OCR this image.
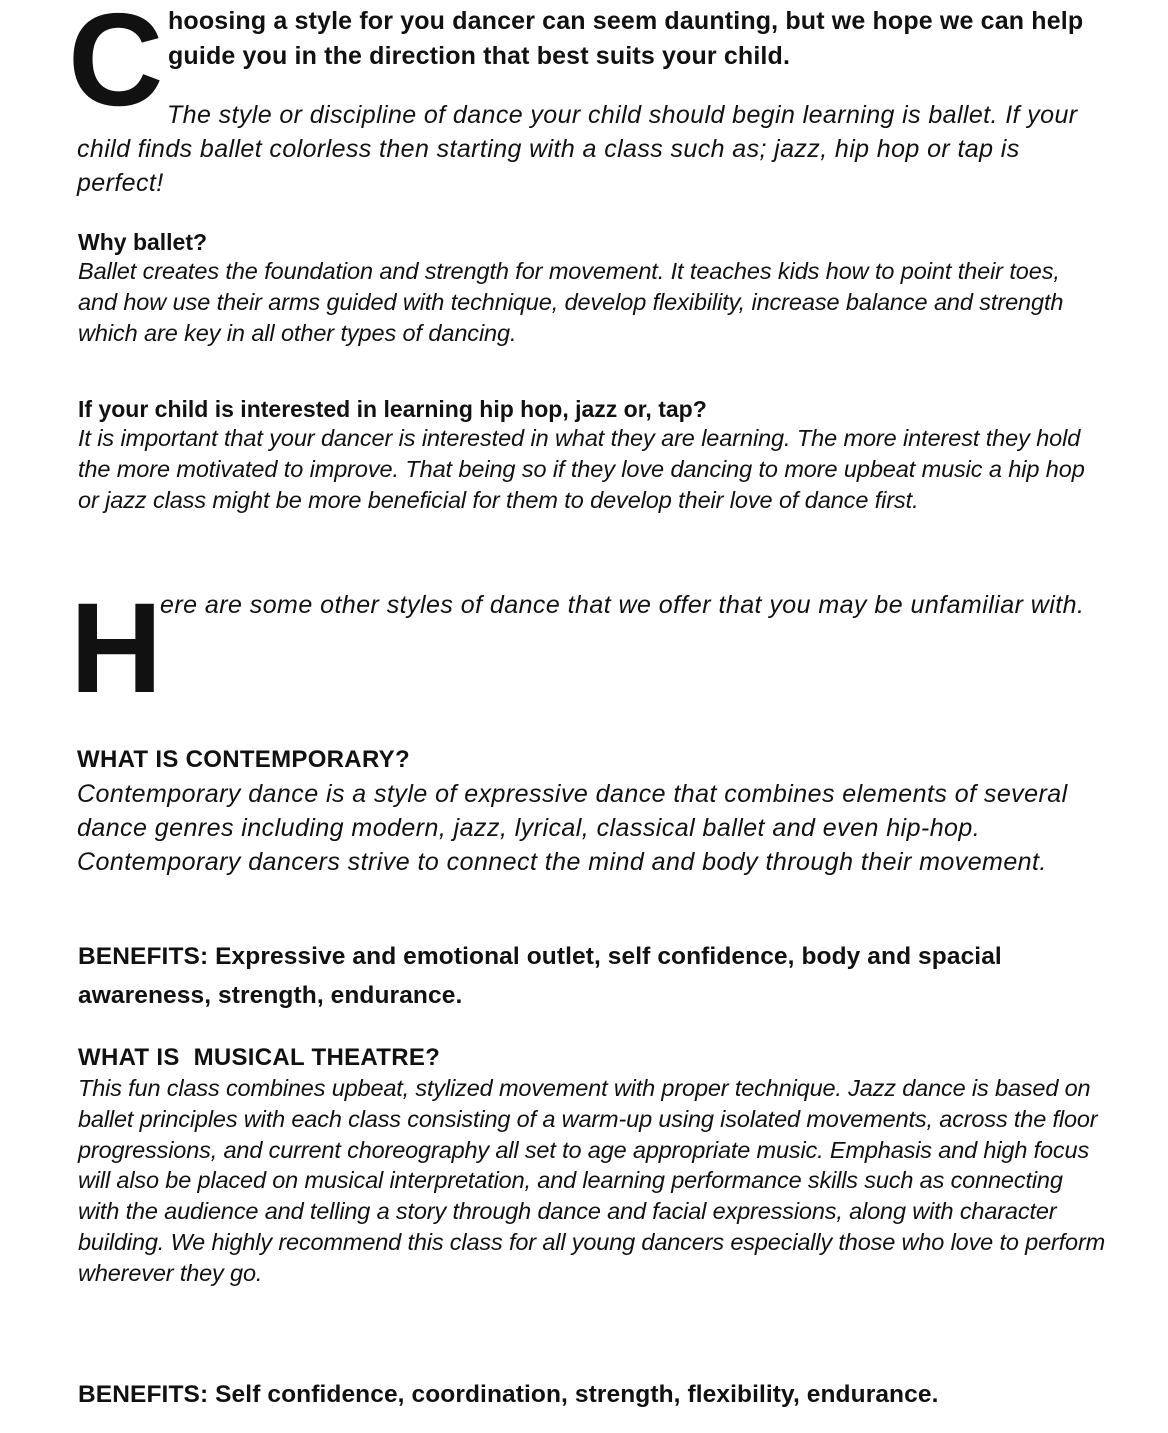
C hoosing a style for you dancer can seem daunting, but we hope we can help guide you in the direction that best suits your child.
The style or discipline of dance your child should begin learning is ballet. If your child finds ballet colorless then starting with a class such as; jazz, hip hop or tap is perfect!
Why ballet?
Ballet creates the foundation and strength for movement. It teaches kids how to point their toes, and how use their arms guided with technique, develop flexibility, increase balance and strength which are key in all other types of dancing.
If your child is interested in learning hip hop, jazz or, tap?
It is important that your dancer is interested in what they are learning. The more interest they hold the more motivated to improve. That being so if they love dancing to more upbeat music a hip hop or jazz class might be more beneficial for them to develop their love of dance first.
H
ere are some other styles of dance that we offer that you may be unfamiliar with.
WHAT IS CONTEMPORARY?
Contemporary dance is a style of expressive dance that combines elements of several dance genres including modern, jazz, lyrical, classical ballet and even hip-hop. Contemporary dancers strive to connect the mind and body through their movement.
BENEFITS: Expressive and emotional outlet, self confidence, body and spacial awareness, strength, endurance.
WHAT IS  MUSICAL THEATRE?
This fun class combines upbeat, stylized movement with proper technique. Jazz dance is based on ballet principles with each class consisting of a warm-up using isolated movements, across the floor progressions, and current choreography all set to age appropriate music. Emphasis and high focus will also be placed on musical interpretation, and learning performance skills such as connecting with the audience and telling a story through dance and facial expressions, along with character building. We highly recommend this class for all young dancers especially those who love to perform wherever they go.
BENEFITS: Self confidence, coordination, strength, flexibility, endurance.
